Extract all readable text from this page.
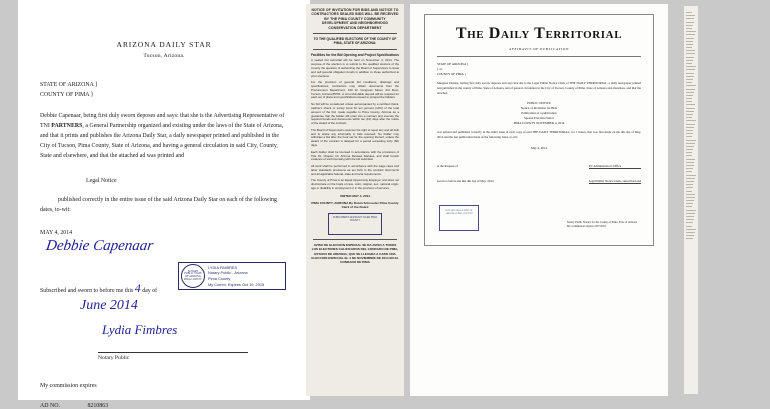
ARIZONA DAILY STAR
Tucson, Arizona.
STATE OF ARIZONA }
COUNTY OF PIMA }
Debbie Capenaar, being first duly sworn deposes and says: that she is the Advertising Representative of TNI PARTNERS, a General Partnership organized and existing under the laws of the State of Arizona, and that it prints and publishes the Arizona Daily Star, a daily newspaper printed and published in the City of Tucson, Pima County, State of Arizona, and having a general circulation in said City, County, State and elsewhere, and that the attached ad was printed and
Legal Notice
published correctly in the entire issue of the said Arizona Daily Star on each of the following dates, to-wit:
MAY 4, 2014
Debbie Capenaar
Subscribed and sworn to before me this 4 day of
June 2014
Lydia Fimbres
Notary Public
My commission expires
AD NO.	8210863
NOTARY PUBLIC STATE OF ARIZONA PIMA COUNTY
LYDIA FIMBRES
Notary Public - Arizona
Pima County
My Comm. Expires Oct 19, 2015
NOTICE OF INVITATION FOR BIDS AND NOTICE TO CONTRACTORS SEALED BIDS WILL BE RECEIVED BY THE PIMA COUNTY COMMUNITY DEVELOPMENT AND NEIGHBORHOOD CONSERVATION DEPARTMENT
TO THE QUALIFIED ELECTORS OF THE COUNTY OF PIMA, STATE OF ARIZONA:
Facilities for the Bid Opening and Project Specifications

A sealed bid submittal will be held on November 4, 2014. The purpose of the election is to submit to the qualified electors of the County the question of authorizing the Board of Supervisors to issue and sell general obligation bonds in addition to those authorized at prior elections.

For the provision of general bid conditions, drawings and specifications, contractors may obtain documents from the Procurement Department, 130 W. Congress Street, 3rd Floor, Tucson, Arizona 85701. A non-refundable deposit will be required for each set of plans and specifications issued to prospective bidders.

No bid will be considered unless accompanied by a certified check, cashier's check or surety bond for ten percent (10%) of the total amount of the bid, made payable to Pima County, Arizona as a guarantee that the bidder will enter into a contract and execute the required bonds and documents within ten (10) days after the notice of the award of the contract.

The Board of Supervisors reserves the right to reject any and all bids and to waive any informality in bids received. No bidder may withdraw a bid after the hour set for the opening thereof, unless the award of the contract is delayed for a period exceeding sixty (60) days.

Each bidder shall be licensed in accordance with the provisions of Title 32, Chapter 10, Arizona Revised Statutes, and shall furnish evidence of such licensing with the bid submittal.

All work shall be performed in accordance with the wage rates and labor standards provisions as set forth in the contract documents and all applicable federal, state and local requirements.

The County of Pima is an Equal Opportunity Employer and does not discriminate on the basis of race, color, religion, sex, national origin, age or disability in employment or in the provision of services.

UNITED MAY 4, 2014
PIMA COUNTY, ARIZONA By Robin Schroeder Pima County Clerk of the Board
PUBLISHER'S AFFIDAVIT FILED PIMA COUNTY
AVISO DE ELECCION ESPECIAL SE DA AVISO A TODOS LOS ELECTORES CALIFICADOS DEL CONDADO DE PIMA, ESTADO DE ARIZONA, QUE SE LLEVARA A CABO UNA ELECCION ESPECIAL EL 4 DE NOVIEMBRE DE 2014 EN EL CONDADO DE PIMA
The Daily Territorial
AFFIDAVIT OF PUBLICATION
STATE OF ARIZONA }
} ss.
COUNTY OF PIMA }
Margaret Dunlap, having first duly sworn, deposes and says that she is the Legal Public Notice Clerk of THE DAILY TERRITORIAL, a daily newspaper printed and published in the county of Pima, State of Arizona, and of general circulation in the City of Tucson, County of Pima, State of Arizona and elsewhere, and that the attached
PUBLIC NOTICE
Notice of Invitation for Bids
Publication of a publication
Special Election Notice
PIMA COUNTY NOVEMBER 4, 2014
was printed and published correctly in the entire issue of each copy of said THE DAILY TERRITORIAL, for 1 issues, that was first made on the 4th day of May, 2014 and the last publication made of the following dates, to-wit:
May 4, 2014
at the Request of	PC Administrator's Office
sworn to before me this 4th day of May, 2014	Legal Public Notice Clerk, subscribed and
NOTARY SEAL STATE OF ARIZONA PIMA COUNTY
Notary Public Notary for the County of Pima, State of Arizona
My commission expires 2/07/2018
